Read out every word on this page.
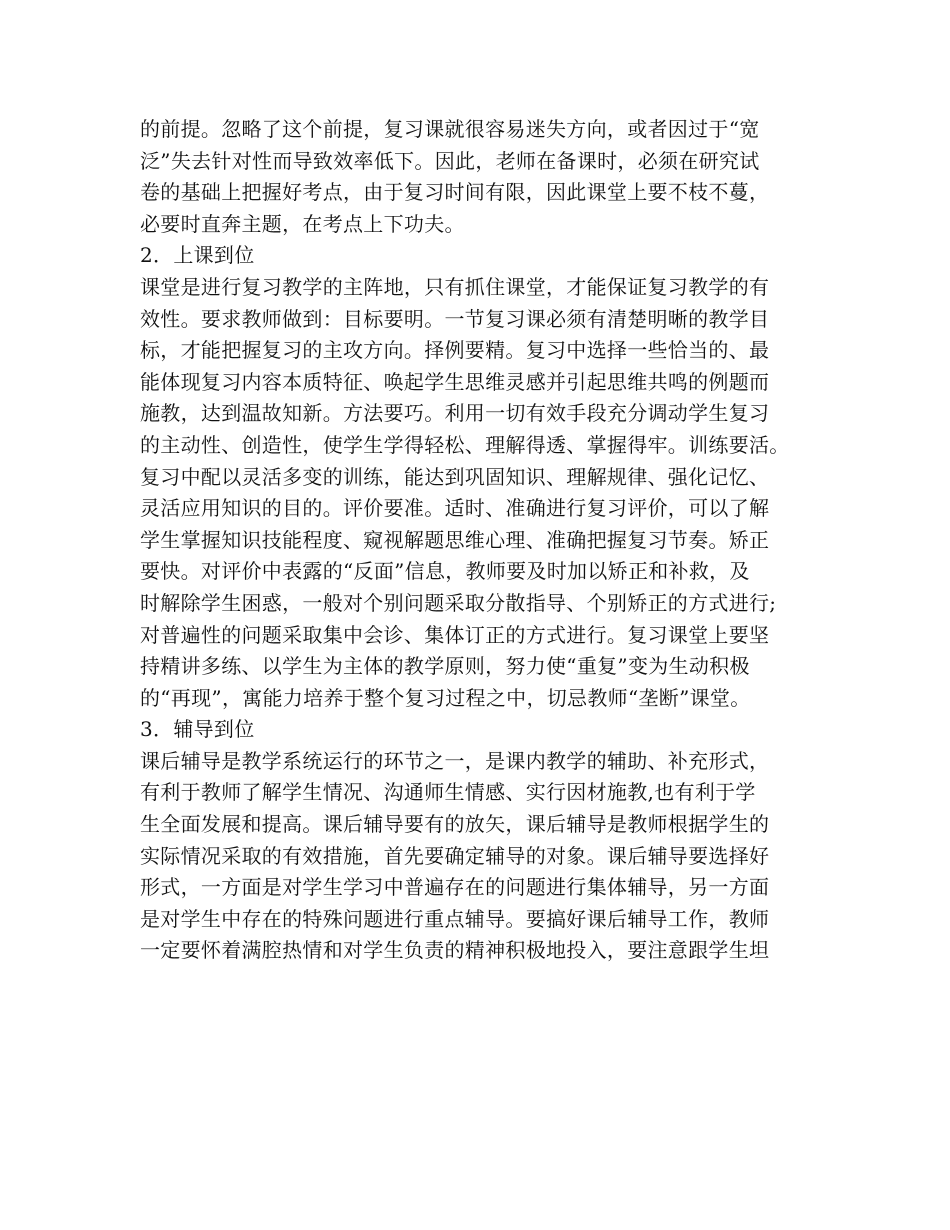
的前提。忽略了这个前提，复习课就很容易迷失方向，或者因过于“宽
泛”失去针对性而导致效率低下。因此，老师在备课时，必须在研究试
卷的基础上把握好考点，由于复习时间有限，因此课堂上要不枝不蔓，
必要时直奔主题，在考点上下功夫。
2．上课到位
课堂是进行复习教学的主阵地，只有抓住课堂，才能保证复习教学的有
效性。要求教师做到：目标要明。一节复习课必须有清楚明晰的教学目
标，才能把握复习的主攻方向。择例要精。复习中选择一些恰当的、最
能体现复习内容本质特征、唤起学生思维灵感并引起思维共鸣的例题而
施教，达到温故知新。方法要巧。利用一切有效手段充分调动学生复习
的主动性、创造性，使学生学得轻松、理解得透、掌握得牢。训练要活。
复习中配以灵活多变的训练，能达到巩固知识、理解规律、强化记忆、
灵活应用知识的目的。评价要准。适时、准确进行复习评价，可以了解
学生掌握知识技能程度、窥视解题思维心理、准确把握复习节奏。矫正
要快。对评价中表露的“反面”信息，教师要及时加以矫正和补救，及
时解除学生困惑，一般对个别问题采取分散指导、个别矫正的方式进行;
对普遍性的问题采取集中会诊、集体订正的方式进行。复习课堂上要坚
持精讲多练、以学生为主体的教学原则，努力使“重复”变为生动积极
的“再现”，寓能力培养于整个复习过程之中，切忌教师“垄断”课堂。
3．辅导到位
课后辅导是教学系统运行的环节之一，是课内教学的辅助、补充形式，
有利于教师了解学生情况、沟通师生情感、实行因材施教,也有利于学
生全面发展和提高。课后辅导要有的放矢，课后辅导是教师根据学生的
实际情况采取的有效措施，首先要确定辅导的对象。课后辅导要选择好
形式，一方面是对学生学习中普遍存在的问题进行集体辅导，另一方面
是对学生中存在的特殊问题进行重点辅导。要搞好课后辅导工作，教师
一定要怀着满腔热情和对学生负责的精神积极地投入，要注意跟学生坦
